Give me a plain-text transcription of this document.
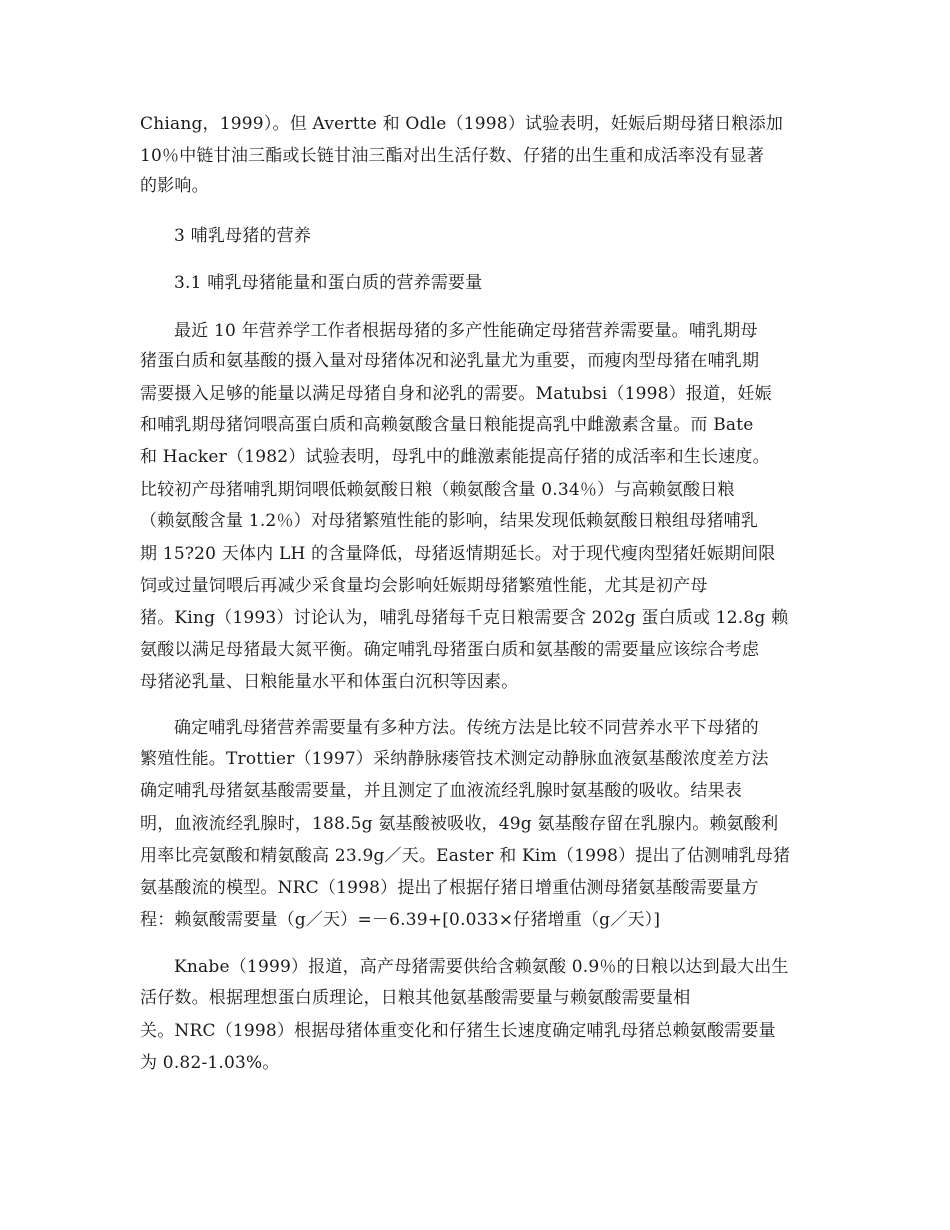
Chiang，1999）。但 Avertte 和 Odle（1998）试验表明，妊娠后期母猪日粮添加
10％中链甘油三酯或长链甘油三酯对出生活仔数、仔猪的出生重和成活率没有显著
的影响。
3 哺乳母猪的营养
3.1 哺乳母猪能量和蛋白质的营养需要量
最近 10 年营养学工作者根据母猪的多产性能确定母猪营养需要量。哺乳期母
猪蛋白质和氨基酸的摄入量对母猪体况和泌乳量尤为重要，而瘦肉型母猪在哺乳期
需要摄入足够的能量以满足母猪自身和泌乳的需要。Matubsi（1998）报道，妊娠
和哺乳期母猪饲喂高蛋白质和高赖氨酸含量日粮能提高乳中雌激素含量。而 Bate
和 Hacker（1982）试验表明，母乳中的雌激素能提高仔猪的成活率和生长速度。
比较初产母猪哺乳期饲喂低赖氨酸日粮（赖氨酸含量 0.34％）与高赖氨酸日粮
（赖氨酸含量 1.2％）对母猪繁殖性能的影响，结果发现低赖氨酸日粮组母猪哺乳
期 15?20 天体内 LH 的含量降低，母猪返情期延长。对于现代瘦肉型猪妊娠期间限
饲或过量饲喂后再减少采食量均会影响妊娠期母猪繁殖性能，尤其是初产母
猪。King（1993）讨论认为，哺乳母猪每千克日粮需要含 202g 蛋白质或 12.8g 赖
氨酸以满足母猪最大氮平衡。确定哺乳母猪蛋白质和氨基酸的需要量应该综合考虑
母猪泌乳量、日粮能量水平和体蛋白沉积等因素。
确定哺乳母猪营养需要量有多种方法。传统方法是比较不同营养水平下母猪的
繁殖性能。Trottier（1997）采纳静脉瘘管技术测定动静脉血液氨基酸浓度差方法
确定哺乳母猪氨基酸需要量，并且测定了血液流经乳腺时氨基酸的吸收。结果表
明，血液流经乳腺时，188.5g 氨基酸被吸收，49g 氨基酸存留在乳腺内。赖氨酸利
用率比亮氨酸和精氨酸高 23.9g／天。Easter 和 Kim（1998）提出了估测哺乳母猪
氨基酸流的模型。NRC（1998）提出了根据仔猪日增重估测母猪氨基酸需要量方
程：赖氨酸需要量（g／天）=－6.39+[0.033×仔猪增重（g／天）]
Knabe（1999）报道，高产母猪需要供给含赖氨酸 0.9％的日粮以达到最大出生
活仔数。根据理想蛋白质理论，日粮其他氨基酸需要量与赖氨酸需要量相
关。NRC（1998）根据母猪体重变化和仔猪生长速度确定哺乳母猪总赖氨酸需要量
为 0.82-1.03%。
